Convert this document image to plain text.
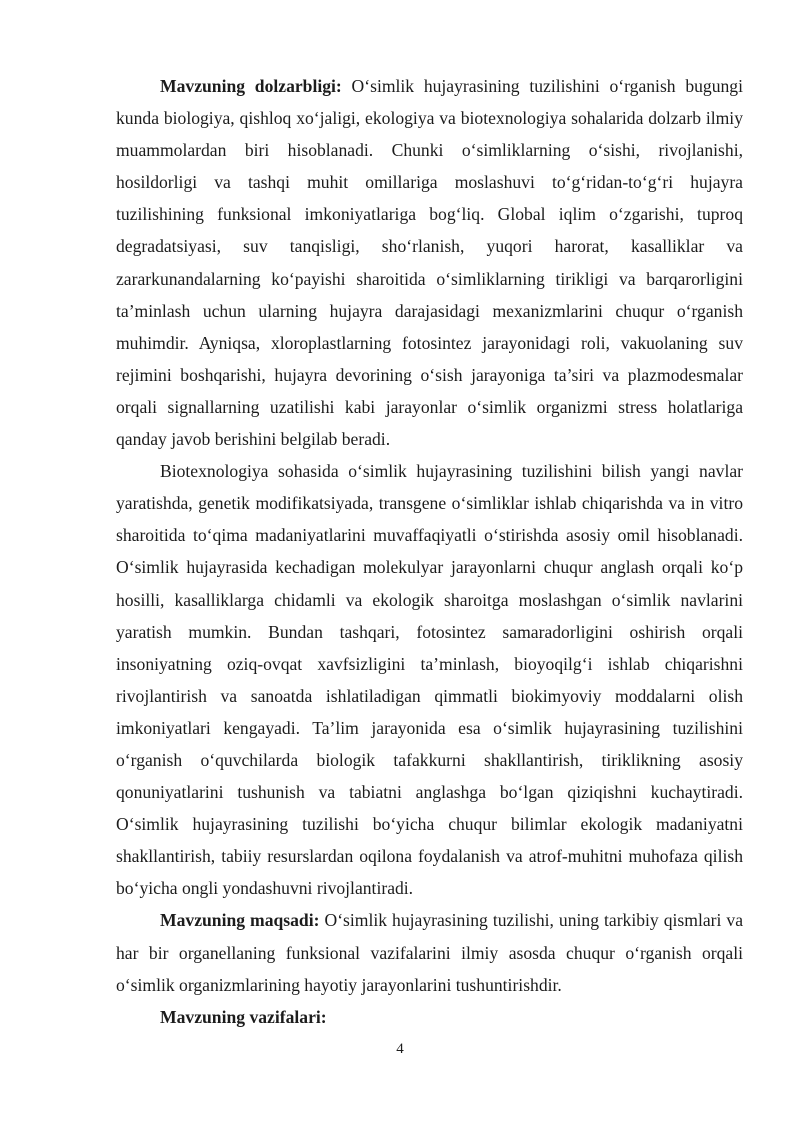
Mavzuning dolzarbligi: O‘simlik hujayrasining tuzilishini o‘rganish bugungi kunda biologiya, qishloq xo‘jaligi, ekologiya va biotexnologiya sohalarida dolzarb ilmiy muammolardan biri hisoblanadi. Chunki o‘simliklarning o‘sishi, rivojlanishi, hosildorligi va tashqi muhit omillariga moslashuvi to‘g‘ridan-to‘g‘ri hujayra tuzilishining funksional imkoniyatlariga bog‘liq. Global iqlim o‘zgarishi, tuproq degradatsiyasi, suv tanqisligi, sho‘rlanish, yuqori harorat, kasalliklar va zararkunandalarning ko‘payishi sharoitida o‘simliklarning tirikligi va barqarorligini ta’minlash uchun ularning hujayra darajasidagi mexanizmlarini chuqur o‘rganish muhimdir. Ayniqsa, xloroplastlarning fotosintez jarayonidagi roli, vakuolaning suv rejimini boshqarishi, hujayra devorining o‘sish jarayoniga ta’siri va plazmodesmalar orqali signallarning uzatilishi kabi jarayonlar o‘simlik organizmi stress holatlariga qanday javob berishini belgilab beradi.

Biotexnologiya sohasida o‘simlik hujayrasining tuzilishini bilish yangi navlar yaratishda, genetik modifikatsiyada, transgene o‘simliklar ishlab chiqarishda va in vitro sharoitida to‘qima madaniyatlarini muvaffaqiyatli o‘stirishda asosiy omil hisoblanadi. O‘simlik hujayrasida kechadigan molekulyar jarayonlarni chuqur anglash orqali ko‘p hosilli, kasalliklarga chidamli va ekologik sharoitga moslashgan o‘simlik navlarini yaratish mumkin. Bundan tashqari, fotosintez samaradorligini oshirish orqali insoniyatning oziq-ovqat xavfsizligini ta’minlash, bioyoqilg‘i ishlab chiqarishni rivojlantirish va sanoatda ishlatiladigan qimmatli biokimyoviy moddalarni olish imkoniyatlari kengayadi. Ta’lim jarayonida esa o‘simlik hujayrasining tuzilishini o‘rganish o‘quvchilarda biologik tafakkurni shakllantirish, tiriklikning asosiy qonuniyatlarini tushunish va tabiatni anglashga bo‘lgan qiziqishni kuchaytiradi. O‘simlik hujayrasining tuzilishi bo‘yicha chuqur bilimlar ekologik madaniyatni shakllantirish, tabiiy resurslardan oqilona foydalanish va atrof-muhitni muhofaza qilish bo‘yicha ongli yondashuvni rivojlantiradi.

Mavzuning maqsadi: O‘simlik hujayrasining tuzilishi, uning tarkibiy qismlari va har bir organellaning funksional vazifalarini ilmiy asosda chuqur o‘rganish orqali o‘simlik organizmlarining hayotiy jarayonlarini tushuntirishdir.

Mavzuning vazifalari:

4
